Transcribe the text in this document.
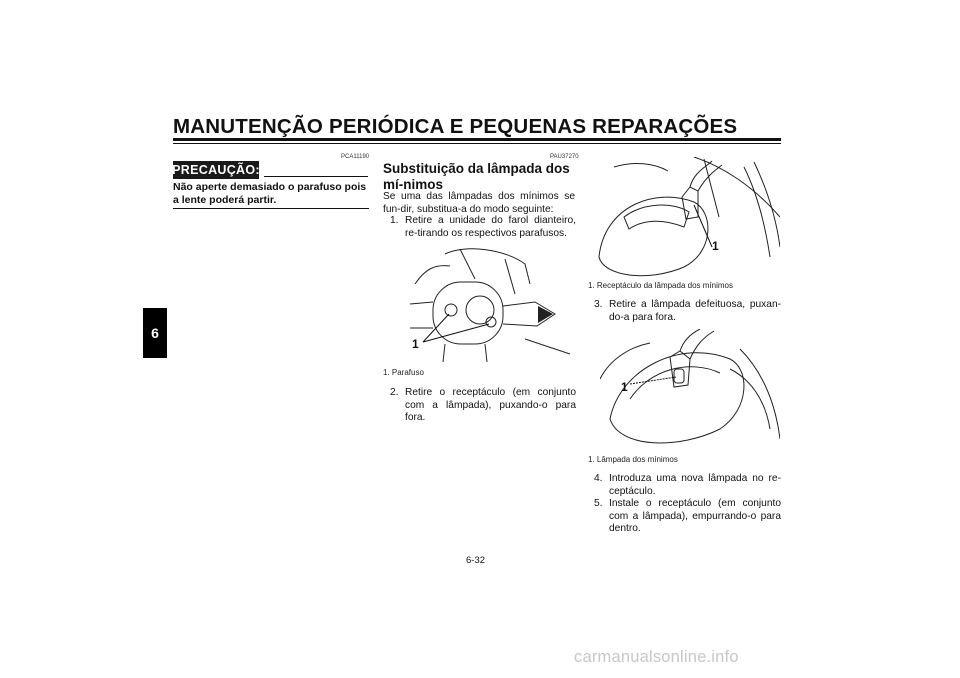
MANUTENÇÃO PERIÓDICA E PEQUENAS REPARAÇÕES
6
PCA11190
PRECAUÇÃO:
Não aperte demasiado o parafuso pois a lente poderá partir.
PAU37270
Substituição da lâmpada dos mí-nimos
Se uma das lâmpadas dos mínimos se fun-dir, substitua-a do modo seguinte:
1. Retire a unidade do farol dianteiro, re-tirando os respectivos parafusos.
1
1. Parafuso
2. Retire o receptáculo (em conjunto com a lâmpada), puxando-o para fora.
1
1. Receptáculo da lâmpada dos mínimos
3. Retire a lâmpada defeituosa, puxan-do-a para fora.
1
1. Lâmpada dos mínimos
4. Introduza uma nova lâmpada no re-ceptáculo.
5. Instale o receptáculo (em conjunto com a lâmpada), empurrando-o para dentro.
6-32
carmanualsonline.info
